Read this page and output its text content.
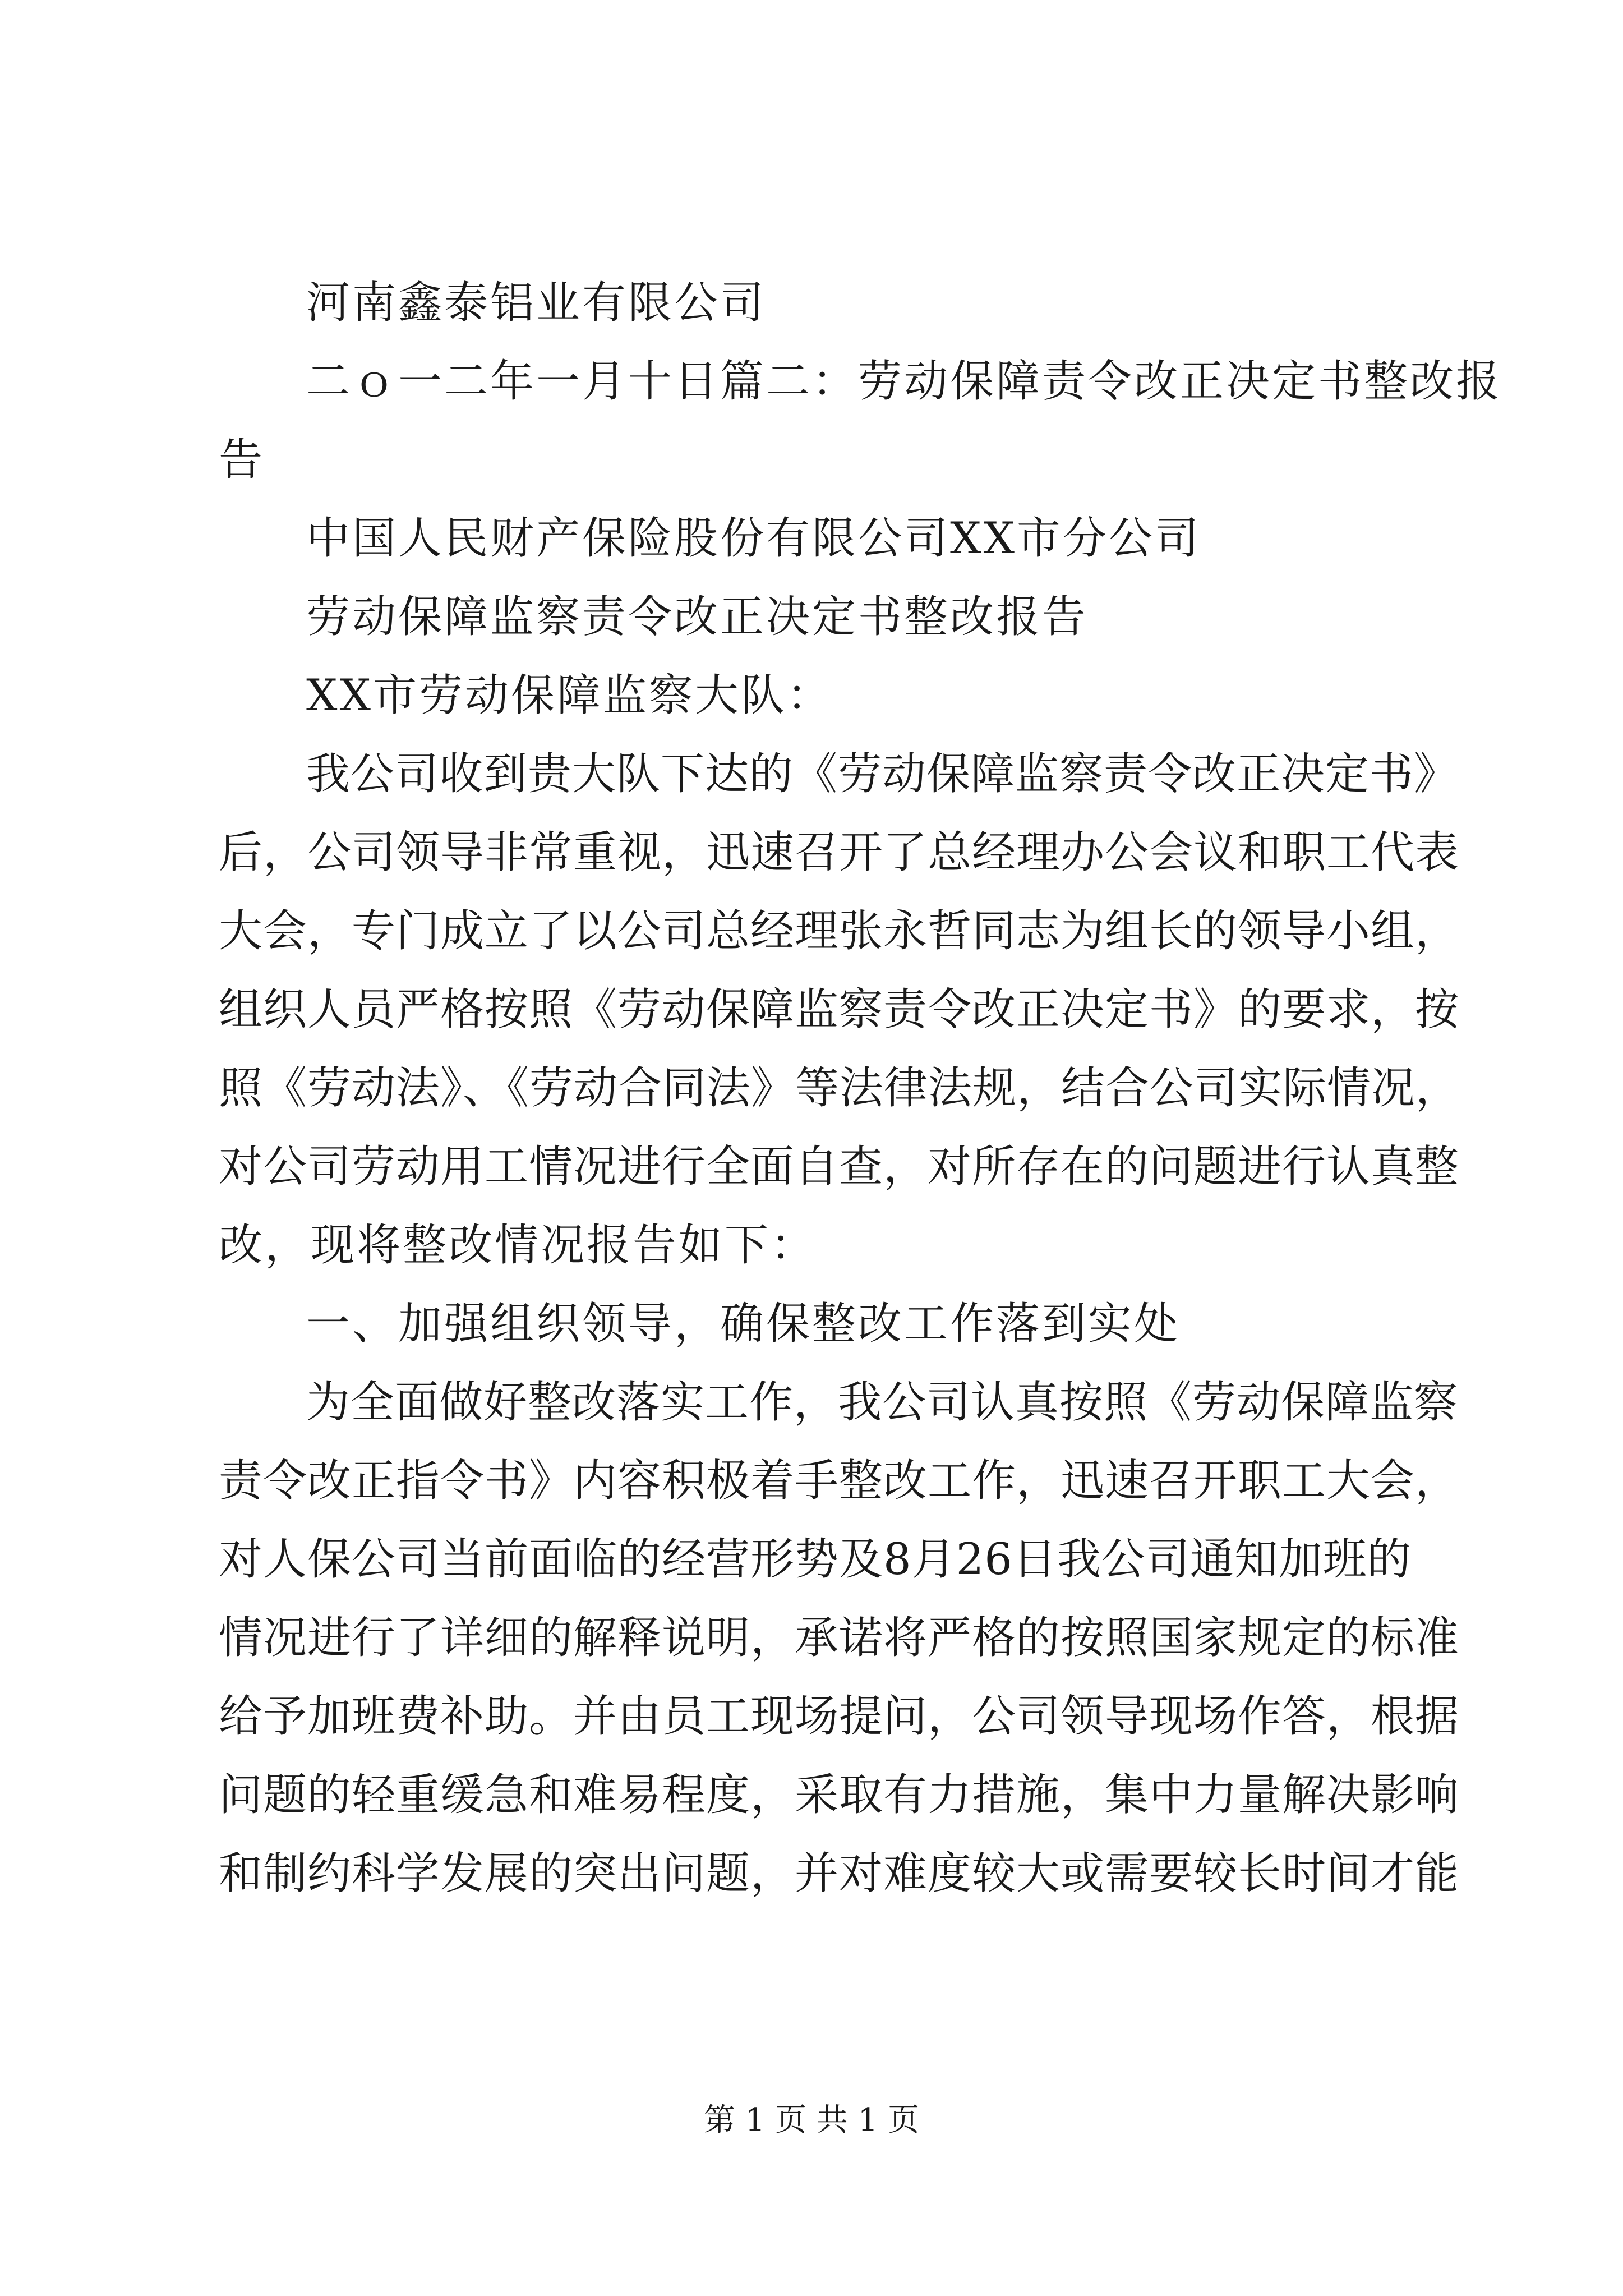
河南鑫泰铝业有限公司
二ｏ一二年一月十日篇二：劳动保障责令改正决定书整改报
告
中国人民财产保险股份有限公司XX市分公司
劳动保障监察责令改正决定书整改报告
XX市劳动保障监察大队：
我公司收到贵大队下达的《劳动保障监察责令改正决定书》
后，公司领导非常重视，迅速召开了总经理办公会议和职工代表
大会，专门成立了以公司总经理张永哲同志为组长的领导小组，
组织人员严格按照《劳动保障监察责令改正决定书》的要求，按
照《劳动法》、《劳动合同法》等法律法规，结合公司实际情况，
对公司劳动用工情况进行全面自查，对所存在的问题进行认真整
改，现将整改情况报告如下：
一、加强组织领导，确保整改工作落到实处
为全面做好整改落实工作，我公司认真按照《劳动保障监察
责令改正指令书》内容积极着手整改工作，迅速召开职工大会，
对人保公司当前面临的经营形势及8月26日我公司通知加班的
情况进行了详细的解释说明，承诺将严格的按照国家规定的标准
给予加班费补助。并由员工现场提问，公司领导现场作答，根据
问题的轻重缓急和难易程度，采取有力措施，集中力量解决影响
和制约科学发展的突出问题，并对难度较大或需要较长时间才能
第 1 页 共 1 页
